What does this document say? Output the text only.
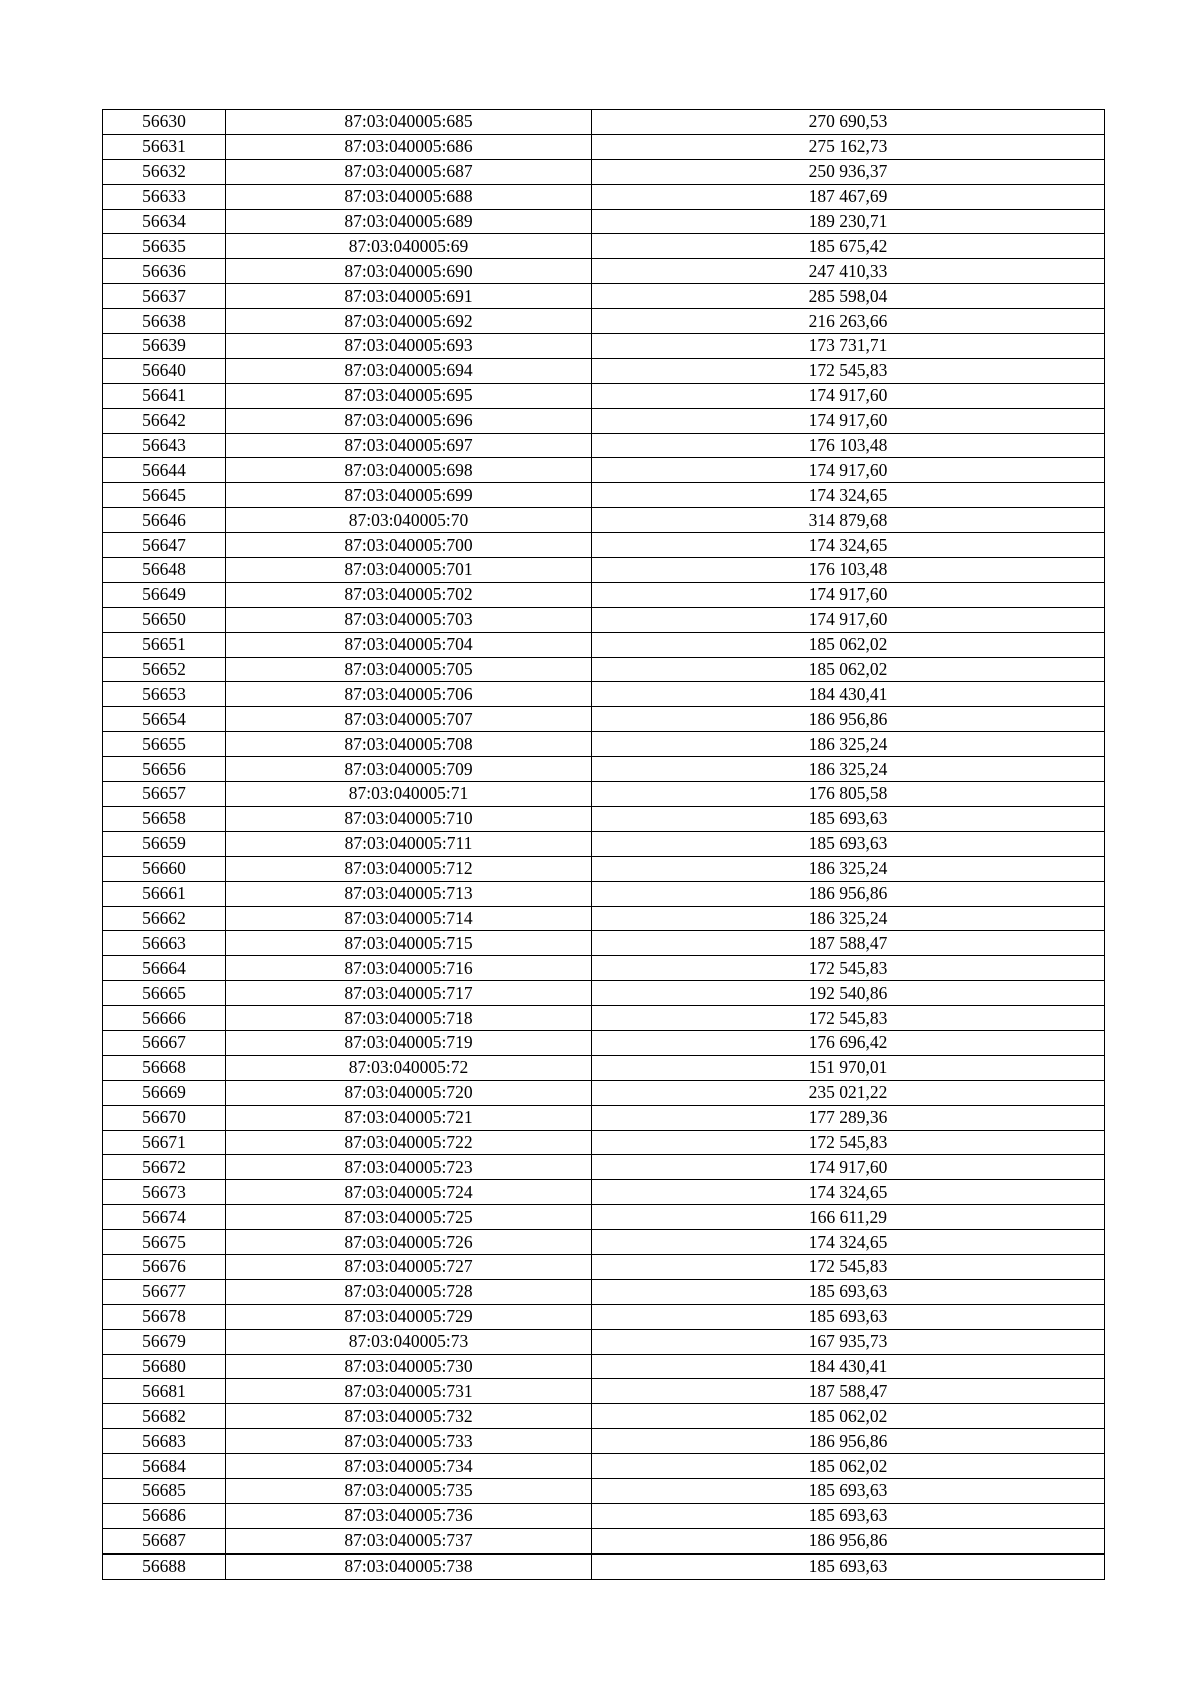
56630	87:03:040005:685	270 690,53
56631	87:03:040005:686	275 162,73
56632	87:03:040005:687	250 936,37
56633	87:03:040005:688	187 467,69
56634	87:03:040005:689	189 230,71
56635	87:03:040005:69	185 675,42
56636	87:03:040005:690	247 410,33
56637	87:03:040005:691	285 598,04
56638	87:03:040005:692	216 263,66
56639	87:03:040005:693	173 731,71
56640	87:03:040005:694	172 545,83
56641	87:03:040005:695	174 917,60
56642	87:03:040005:696	174 917,60
56643	87:03:040005:697	176 103,48
56644	87:03:040005:698	174 917,60
56645	87:03:040005:699	174 324,65
56646	87:03:040005:70	314 879,68
56647	87:03:040005:700	174 324,65
56648	87:03:040005:701	176 103,48
56649	87:03:040005:702	174 917,60
56650	87:03:040005:703	174 917,60
56651	87:03:040005:704	185 062,02
56652	87:03:040005:705	185 062,02
56653	87:03:040005:706	184 430,41
56654	87:03:040005:707	186 956,86
56655	87:03:040005:708	186 325,24
56656	87:03:040005:709	186 325,24
56657	87:03:040005:71	176 805,58
56658	87:03:040005:710	185 693,63
56659	87:03:040005:711	185 693,63
56660	87:03:040005:712	186 325,24
56661	87:03:040005:713	186 956,86
56662	87:03:040005:714	186 325,24
56663	87:03:040005:715	187 588,47
56664	87:03:040005:716	172 545,83
56665	87:03:040005:717	192 540,86
56666	87:03:040005:718	172 545,83
56667	87:03:040005:719	176 696,42
56668	87:03:040005:72	151 970,01
56669	87:03:040005:720	235 021,22
56670	87:03:040005:721	177 289,36
56671	87:03:040005:722	172 545,83
56672	87:03:040005:723	174 917,60
56673	87:03:040005:724	174 324,65
56674	87:03:040005:725	166 611,29
56675	87:03:040005:726	174 324,65
56676	87:03:040005:727	172 545,83
56677	87:03:040005:728	185 693,63
56678	87:03:040005:729	185 693,63
56679	87:03:040005:73	167 935,73
56680	87:03:040005:730	184 430,41
56681	87:03:040005:731	187 588,47
56682	87:03:040005:732	185 062,02
56683	87:03:040005:733	186 956,86
56684	87:03:040005:734	185 062,02
56685	87:03:040005:735	185 693,63
56686	87:03:040005:736	185 693,63
56687	87:03:040005:737	186 956,86
56688	87:03:040005:738	185 693,63
